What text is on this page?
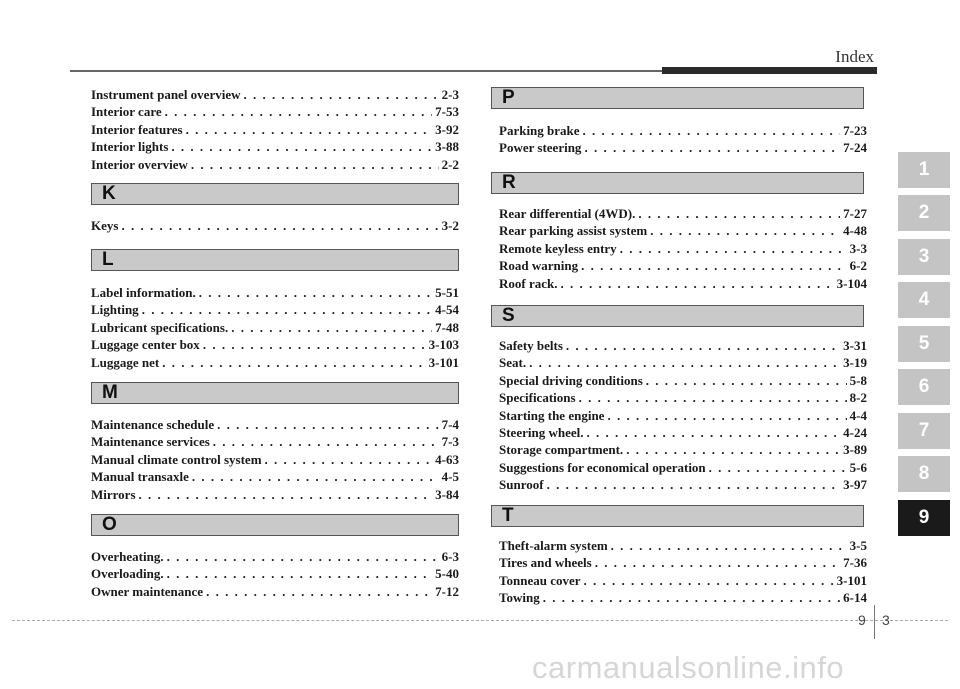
Index
Instrument panel overview . . .	2-3
Interior care . . .	7-53
Interior features . . .	3-92
Interior lights . . .	3-88
Interior overview . . .	2-2
K
Keys . . .	3-2
L
Label information. . . .	5-51
Lighting . . .	4-54
Lubricant specifications. . . .	7-48
Luggage center box . . .	3-103
Luggage net . . .	3-101
M
Maintenance schedule . . .	7-4
Maintenance services . . .	7-3
Manual climate control system . . .	4-63
Manual transaxle . . .	4-5
Mirrors . . .	3-84
O
Overheating. . . .	6-3
Overloading. . . .	5-40
Owner maintenance . . .	7-12
P
Parking brake . . .	7-23
Power steering . . .	7-24
R
Rear differential (4WD). . . .	7-27
Rear parking assist system . . .	4-48
Remote keyless entry . . .	3-3
Road warning . . .	6-2
Roof rack. . . .	3-104
S
Safety belts . . .	3-31
Seat. . . .	3-19
Special driving conditions . . .	5-8
Specifications . . .	8-2
Starting the engine . . .	4-4
Steering wheel. . . .	4-24
Storage compartment. . . .	3-89
Suggestions for economical operation . . .	5-6
Sunroof . . .	3-97
T
Theft-alarm system . . .	3-5
Tires and wheels . . .	7-36
Tonneau cover . . .	3-101
Towing . . .	6-14
1
2
3
4
5
6
7
8
9
9 3
carmanualsonline.info
